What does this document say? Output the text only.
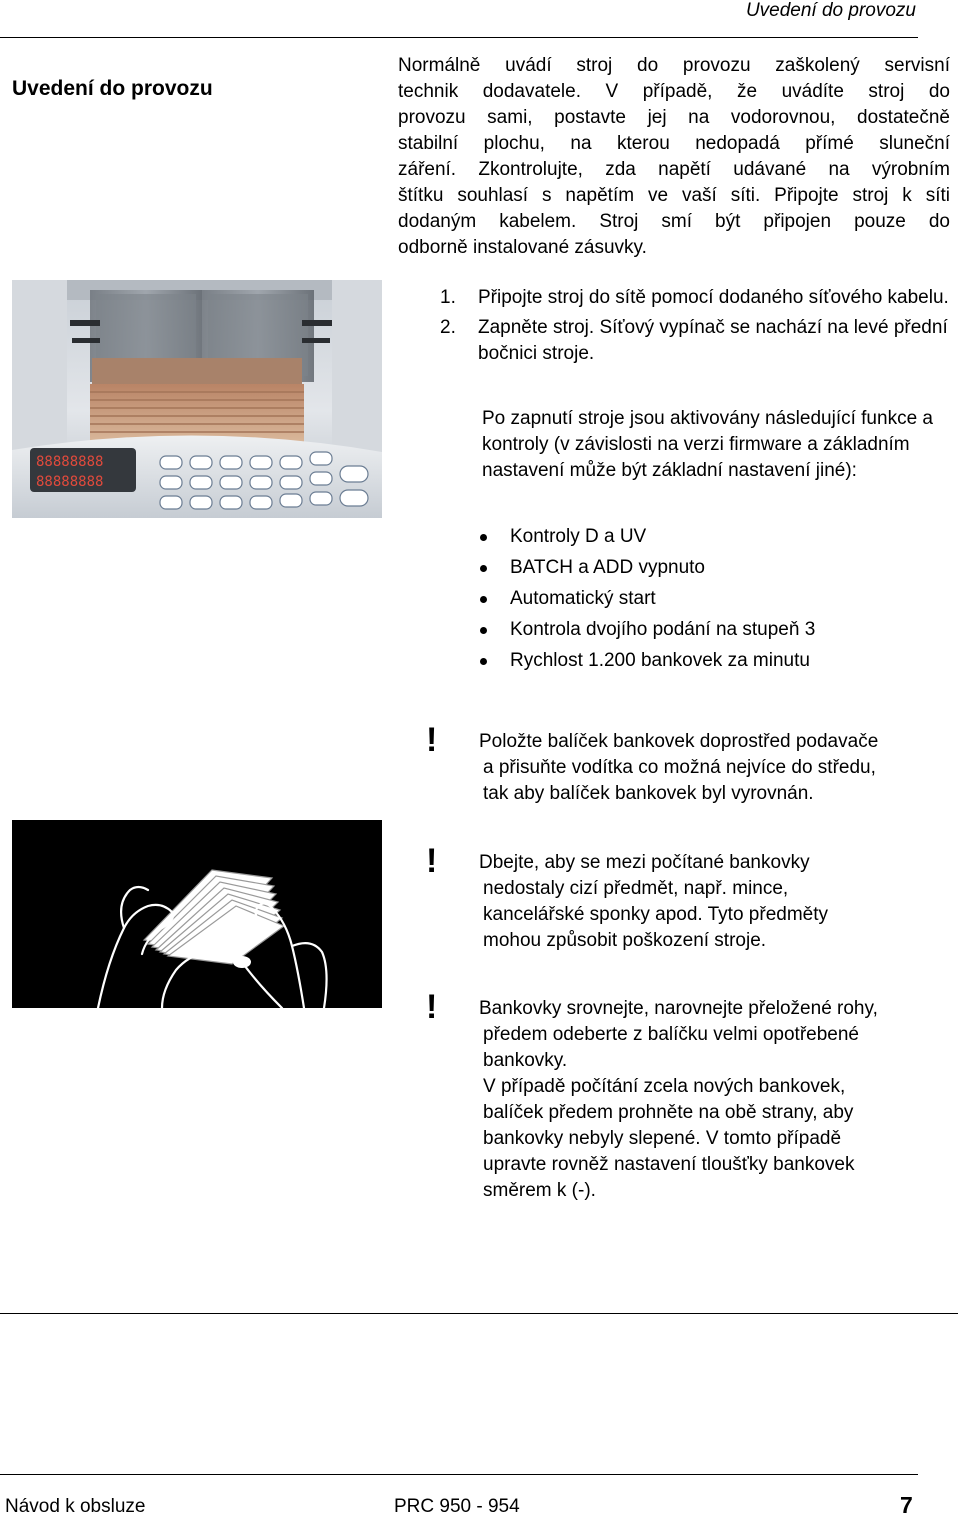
Uvedení do provozu
Uvedení do provozu
Normálně uvádí stroj do provozu zaškolený servisní
technik dodavatele. V případě, že uvádíte stroj do
provozu sami, postavte jej na vodorovnou, dostatečně
stabilní plochu, na kterou nedopadá přímé sluneční
záření. Zkontrolujte, zda napětí udávané na výrobním
štítku souhlasí s napětím ve vaší síti. Připojte stroj k síti
dodaným kabelem. Stroj smí být připojen pouze do
odborně instalované zásuvky.
88888888
88888888
1. Připojte stroj do sítě pomocí dodaného síťového kabelu.
2. Zapněte stroj. Síťový vypínač se nachází na levé přední bočnici stroje.
Po zapnutí stroje jsou aktivovány následující funkce a kontroly (v závislosti na verzi firmware a základním nastavení může být základní nastavení jiné):
Kontroly D a UV
BATCH a ADD vypnuto
Automatický start
Kontrola dvojího podání na stupeň 3
Rychlost 1.200 bankovek za minutu
! Položte balíček bankovek doprostřed podavače
a přisuňte vodítka co možná nejvíce do středu,
tak aby balíček bankovek byl vyrovnán.
! Dbejte, aby se mezi počítané bankovky
nedostaly cizí předmět, např. mince,
kancelářské sponky apod. Tyto předměty
mohou způsobit poškození stroje.
! Bankovky srovnejte, narovnejte přeložené rohy,
předem odeberte z balíčku velmi opotřebené
bankovky.
V případě počítání zcela nových bankovek,
balíček předem prohněte na obě strany, aby
bankovky nebyly slepené. V tomto případě
upravte rovněž nastavení tloušťky bankovek
směrem k (-).
Návod k obsluze	PRC 950 - 954	7
